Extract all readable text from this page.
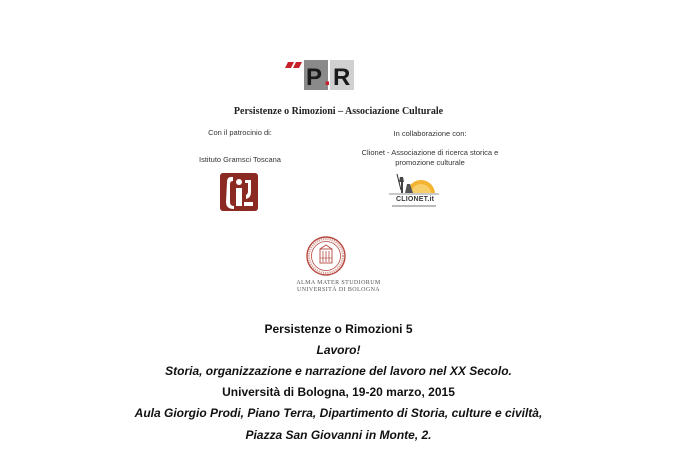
P . R
Persistenze o Rimozioni – Associazione Culturale
Con il patrocinio di:
Istituto Gramsci Toscana
In collaborazione con:
Clionet - Associazione di ricerca storica e
promozione culturale
CLIONET.it
ALMA MATER STUDIORUM
UNIVERSITÀ DI BOLOGNA
Persistenze o Rimozioni 5
Lavoro!
Storia, organizzazione e narrazione del lavoro nel XX Secolo.
Università di Bologna, 19-20 marzo, 2015
Aula Giorgio Prodi, Piano Terra, Dipartimento di Storia, culture e civiltà,
Piazza San Giovanni in Monte, 2.
